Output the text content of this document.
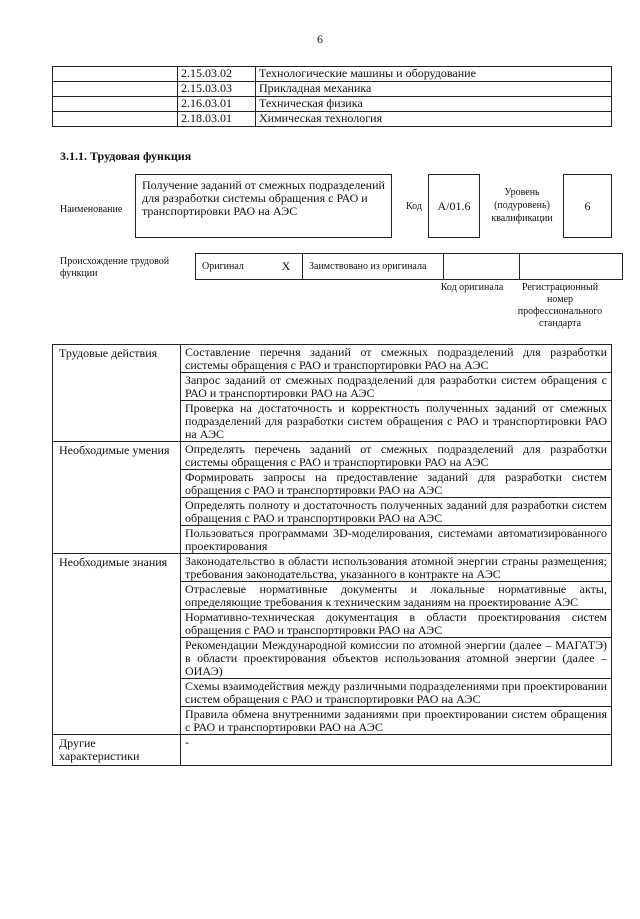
6
	2.15.03.02	Технологические машины и оборудование
	2.15.03.03	Прикладная механика
	2.16.03.01	Техническая физика
	2.18.03.01	Химическая технология
3.1.1. Трудовая функция
Наименование
Получение заданий от смежных подразделений для разработки системы обращения с РАО и транспортировки РАО на АЭС	Код	А/01.6
Уровень (подуровень) квалификации
6
Происхождение трудовой функции
Оригинал	X	Заимствовано из оригинала		
Код оригинала	Регистрационный номер профессионального стандарта
Трудовые действия	Составление перечня заданий от смежных подразделений для разработки системы обращения с РАО и транспортировки РАО на АЭС
	Запрос заданий от смежных подразделений для разработки систем обращения с РАО и транспортировки РАО на АЭС
	Проверка на достаточность и корректность полученных заданий от смежных подразделений для разработки систем обращения с РАО и транспортировки РАО на АЭС
Необходимые умения	Определять перечень заданий от смежных подразделений для разработки системы обращения с РАО и транспортировки РАО на АЭС
	Формировать запросы на предоставление заданий для разработки систем обращения с РАО и транспортировки РАО на АЭС
	Определять полноту и достаточность полученных заданий для разработки систем обращения с РАО и транспортировки РАО на АЭС
	Пользоваться программами 3D-моделирования, системами автоматизированного проектирования
Необходимые знания	Законодательство в области использования атомной энергии страны размещения; требования законодательства, указанного в контракте на АЭС
	Отраслевые нормативные документы и локальные нормативные акты, определяющие требования к техническим заданиям на проектирование АЭС
	Нормативно-техническая документация в области проектирования систем обращения с РАО и транспортировки РАО на АЭС
	Рекомендации Международной комиссии по атомной энергии (далее – МАГАТЭ) в области проектирования объектов использования атомной энергии (далее – ОИАЭ)
	Схемы взаимодействия между различными подразделениями при проектировании систем обращения с РАО и транспортировки РАО на АЭС
	Правила обмена внутренними заданиями при проектировании систем обращения с РАО и транспортировки РАО на АЭС
Другие характеристики	-
